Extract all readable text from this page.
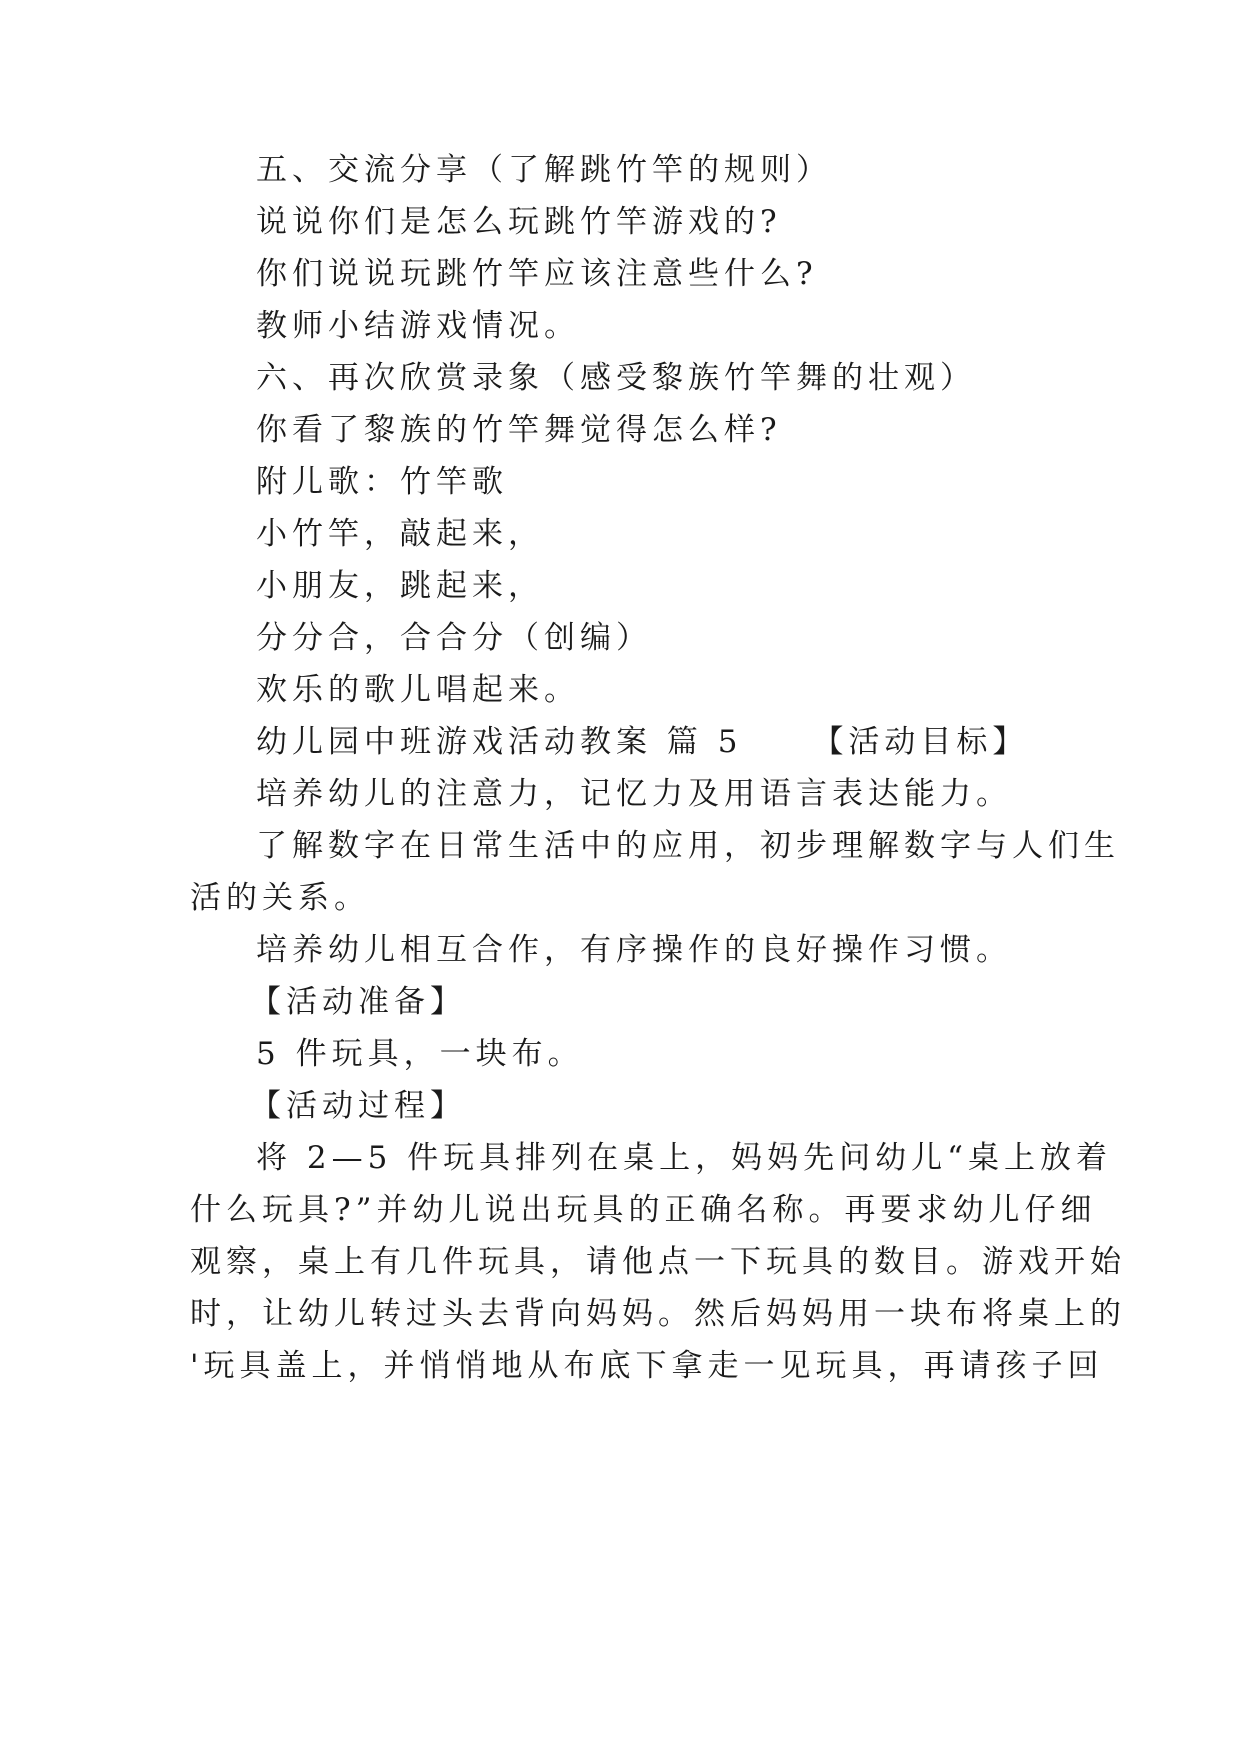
五、交流分享（了解跳竹竿的规则）
说说你们是怎么玩跳竹竿游戏的?
你们说说玩跳竹竿应该注意些什么?
教师小结游戏情况。
六、再次欣赏录象（感受黎族竹竿舞的壮观）
你看了黎族的竹竿舞觉得怎么样?
附儿歌：竹竿歌
小竹竿，敲起来，
小朋友，跳起来，
分分合，合合分（创编）
欢乐的歌儿唱起来。
幼儿园中班游戏活动教案 篇 5 【活动目标】
培养幼儿的注意力，记忆力及用语言表达能力。
了解数字在日常生活中的应用，初步理解数字与人们生
活的关系。
培养幼儿相互合作，有序操作的良好操作习惯。
【活动准备】
5 件玩具，一块布。
【活动过程】
将 2—5 件玩具排列在桌上，妈妈先问幼儿“桌上放着
什么玩具?”并幼儿说出玩具的正确名称。再要求幼儿仔细
观察，桌上有几件玩具，请他点一下玩具的数目。游戏开始
时，让幼儿转过头去背向妈妈。然后妈妈用一块布将桌上的
'玩具盖上，并悄悄地从布底下拿走一见玩具，再请孩子回
